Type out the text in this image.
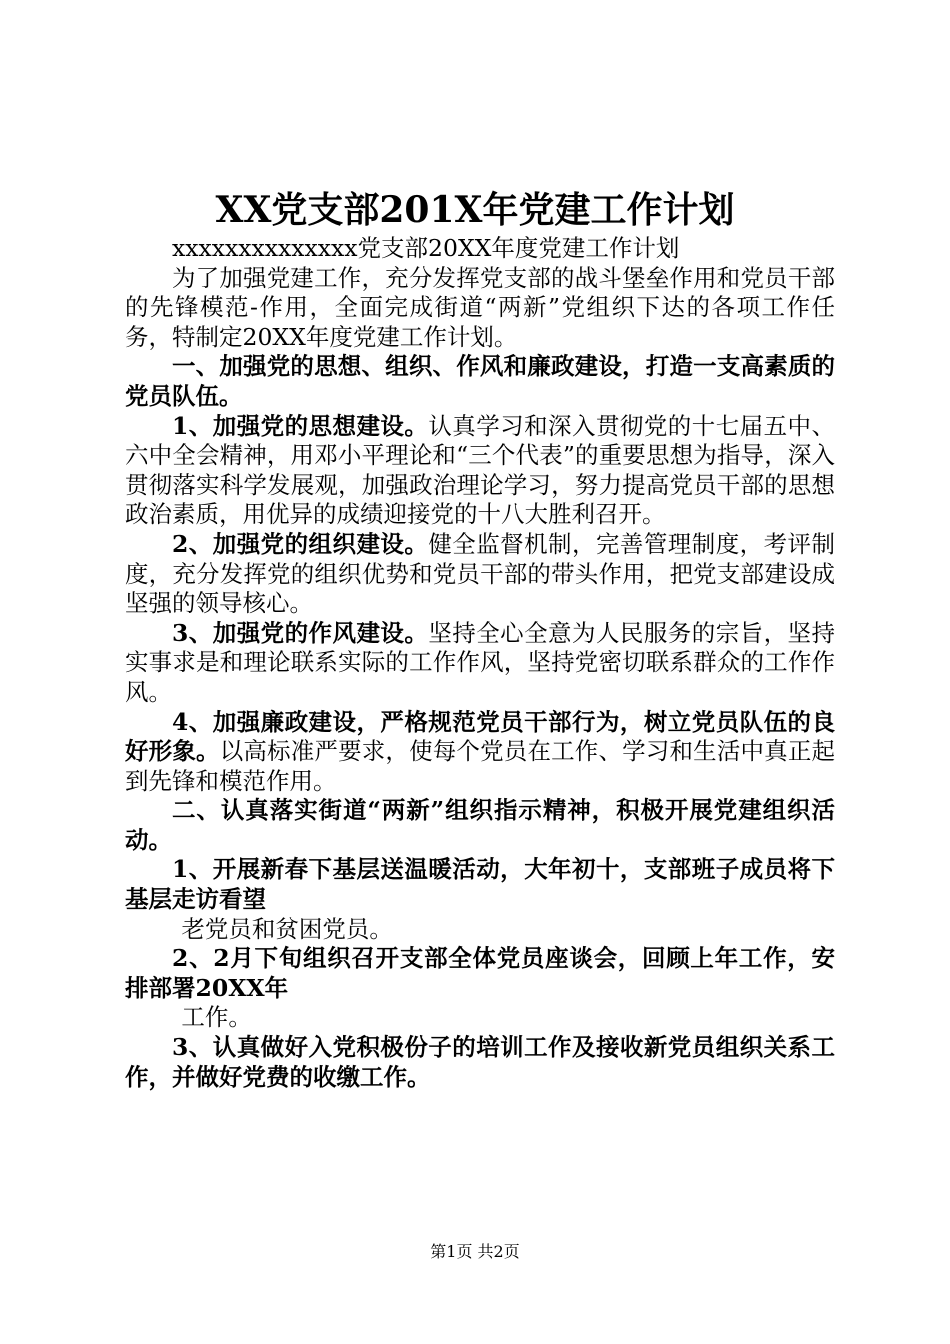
XX党支部201X年党建工作计划

xxxxxxxxxxxxxx党支部20XX年度党建工作计划

为了加强党建工作，充分发挥党支部的战斗堡垒作用和党员干部的先锋模范-作用，全面完成街道“两新”党组织下达的各项工作任务，特制定20XX年度党建工作计划。

一、加强党的思想、组织、作风和廉政建设，打造一支高素质的党员队伍。

1、加强党的思想建设。认真学习和深入贯彻党的十七届五中、六中全会精神，用邓小平理论和“三个代表”的重要思想为指导，深入贯彻落实科学发展观，加强政治理论学习，努力提高党员干部的思想政治素质，用优异的成绩迎接党的十八大胜利召开。

2、加强党的组织建设。健全监督机制，完善管理制度，考评制度，充分发挥党的组织优势和党员干部的带头作用，把党支部建设成坚强的领导核心。

3、加强党的作风建设。坚持全心全意为人民服务的宗旨，坚持实事求是和理论联系实际的工作作风，坚持党密切联系群众的工作作风。

4、加强廉政建设，严格规范党员干部行为，树立党员队伍的良好形象。以高标准严要求，使每个党员在工作、学习和生活中真正起到先锋和模范作用。

二、认真落实街道“两新”组织指示精神，积极开展党建组织活动。

1、开展新春下基层送温暖活动，大年初十，支部班子成员将下基层走访看望

老党员和贫困党员。

2、2月下旬组织召开支部全体党员座谈会，回顾上年工作，安排部署20XX年

工作。

3、认真做好入党积极份子的培训工作及接收新党员组织关系工作，并做好党费的收缴工作。

第1页 共2页
